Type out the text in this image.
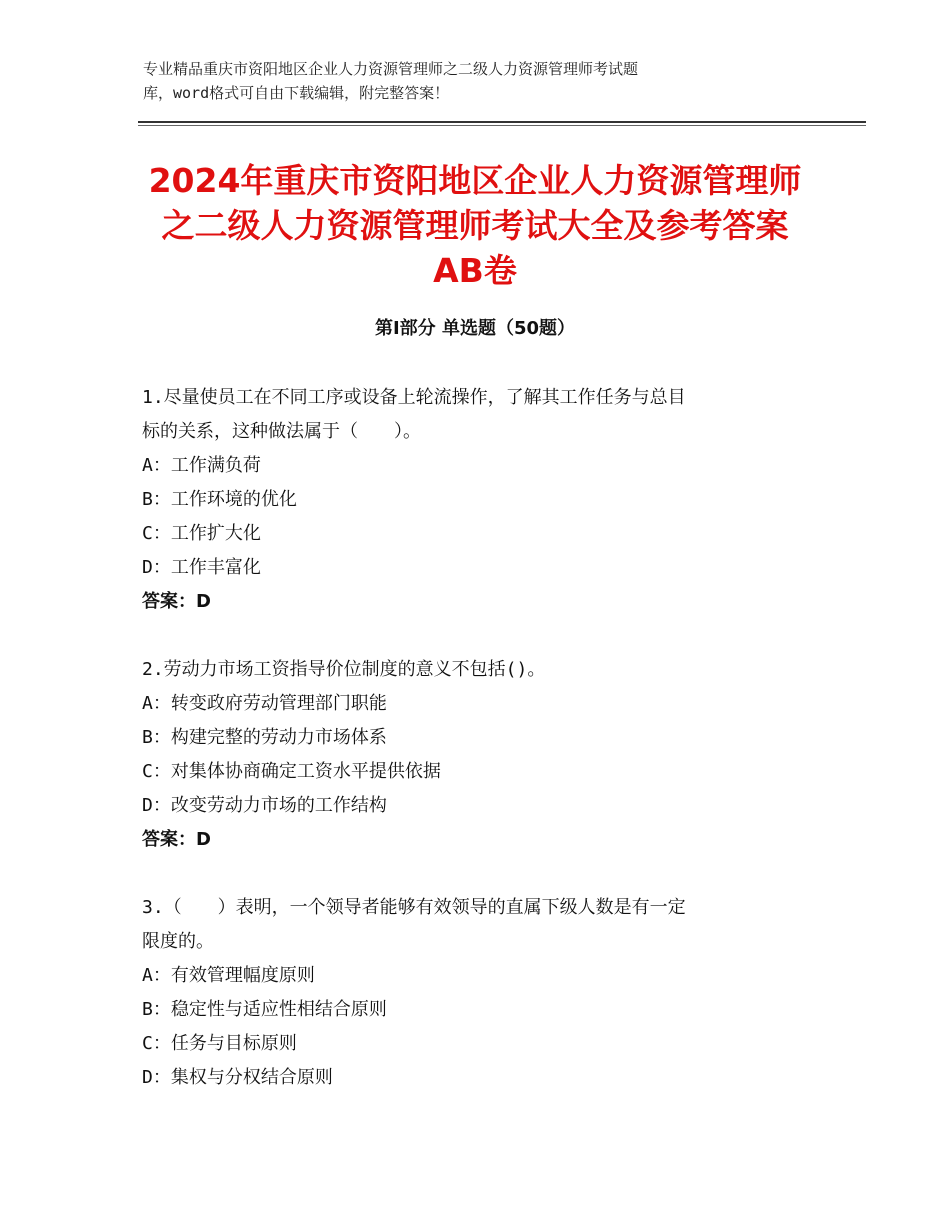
专业精品重庆市资阳地区企业人力资源管理师之二级人力资源管理师考试题

库，word格式可自由下载编辑，附完整答案！

2024年重庆市资阳地区企业人力资源管理师

之二级人力资源管理师考试大全及参考答案

AB卷

第Ⅰ部分 单选题（50题）

1.尽量使员工在不同工序或设备上轮流操作，了解其工作任务与总目

标的关系，这种做法属于（　　）。

A：工作满负荷

B：工作环境的优化

C：工作扩大化

D：工作丰富化

答案：D

2.劳动力市场工资指导价位制度的意义不包括()。

A：转变政府劳动管理部门职能

B：构建完整的劳动力市场体系

C：对集体协商确定工资水平提供依据

D：改变劳动力市场的工作结构

答案：D

3.（　　）表明，一个领导者能够有效领导的直属下级人数是有一定

限度的。

A：有效管理幅度原则

B：稳定性与适应性相结合原则

C：任务与目标原则

D：集权与分权结合原则
